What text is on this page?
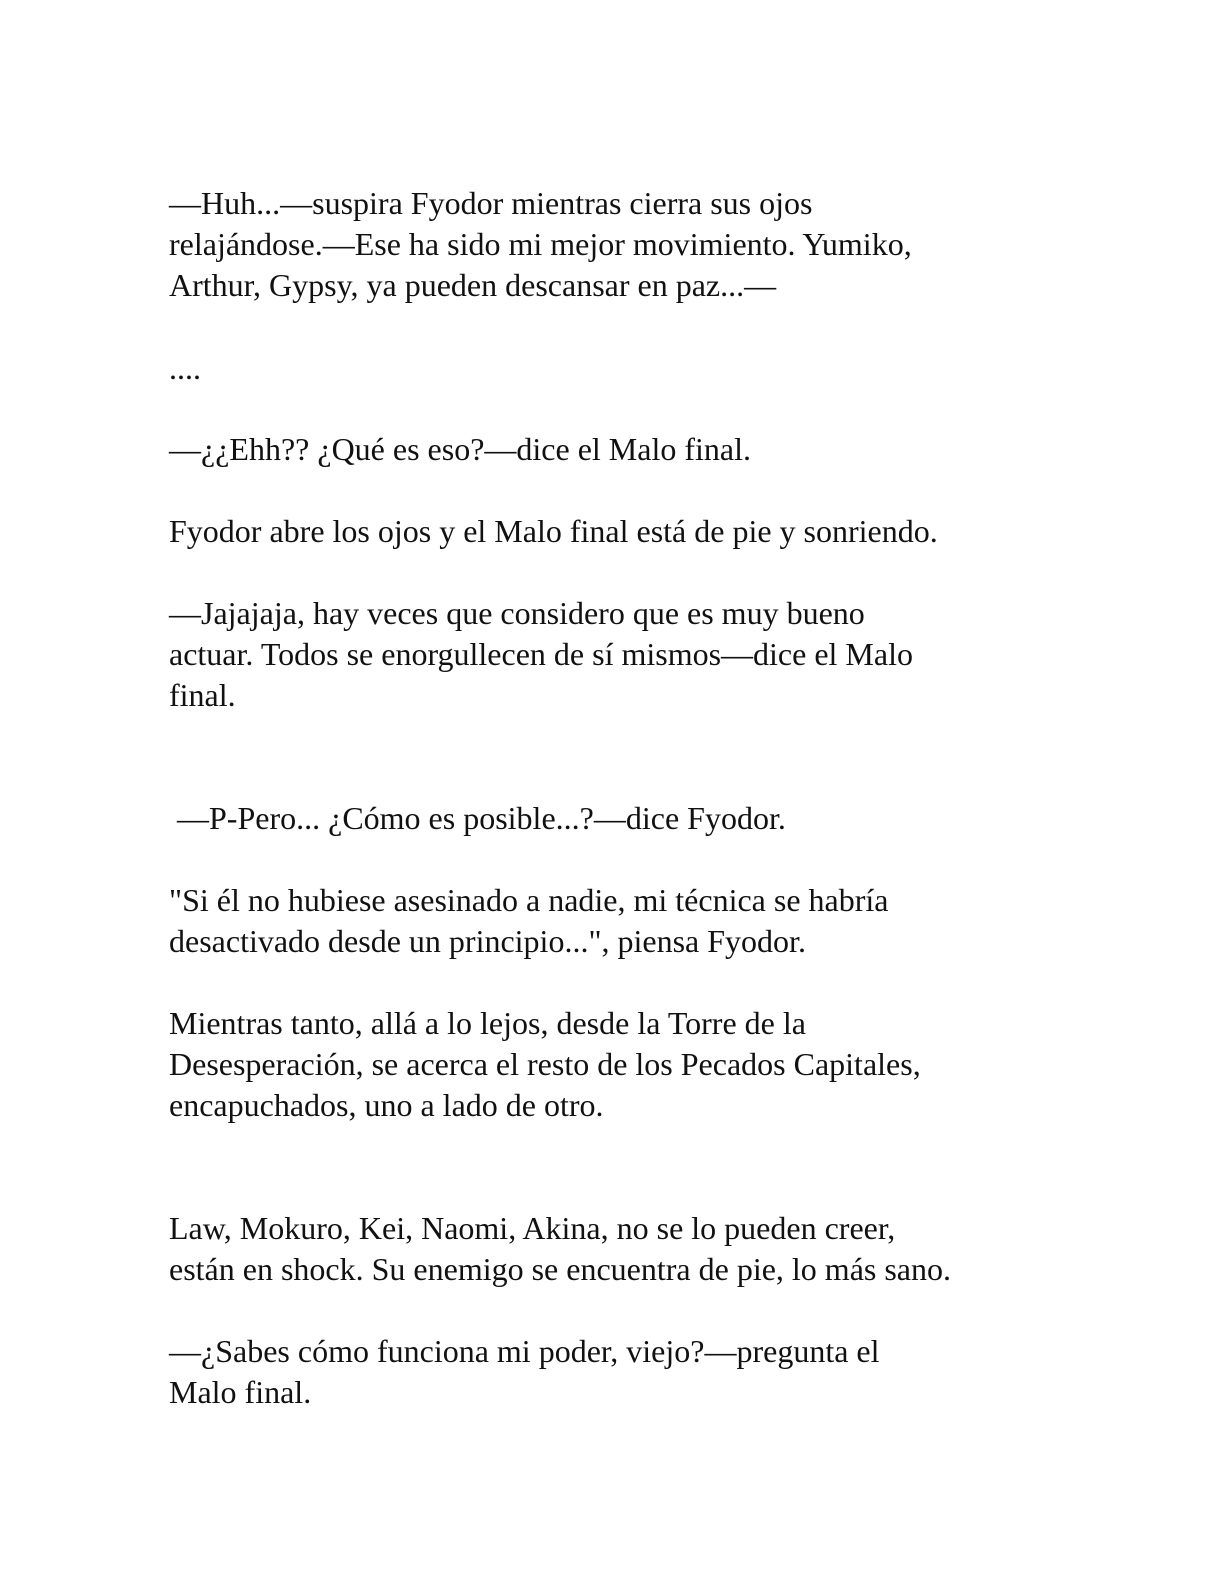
—Huh...—suspira Fyodor mientras cierra sus ojos
relajándose.—Ese ha sido mi mejor movimiento. Yumiko,
Arthur, Gypsy, ya pueden descansar en paz...—

....

—¿¿Ehh?? ¿Qué es eso?—dice el Malo final.

Fyodor abre los ojos y el Malo final está de pie y sonriendo.

—Jajajaja, hay veces que considero que es muy bueno
actuar. Todos se enorgullecen de sí mismos—dice el Malo
final.

—P-Pero... ¿Cómo es posible...?—dice Fyodor.

"Si él no hubiese asesinado a nadie, mi técnica se habría
desactivado desde un principio...", piensa Fyodor.

Mientras tanto, allá a lo lejos, desde la Torre de la
Desesperación, se acerca el resto de los Pecados Capitales,
encapuchados, uno a lado de otro.

Law, Mokuro, Kei, Naomi, Akina, no se lo pueden creer,
están en shock. Su enemigo se encuentra de pie, lo más sano.

—¿Sabes cómo funciona mi poder, viejo?—pregunta el
Malo final.
